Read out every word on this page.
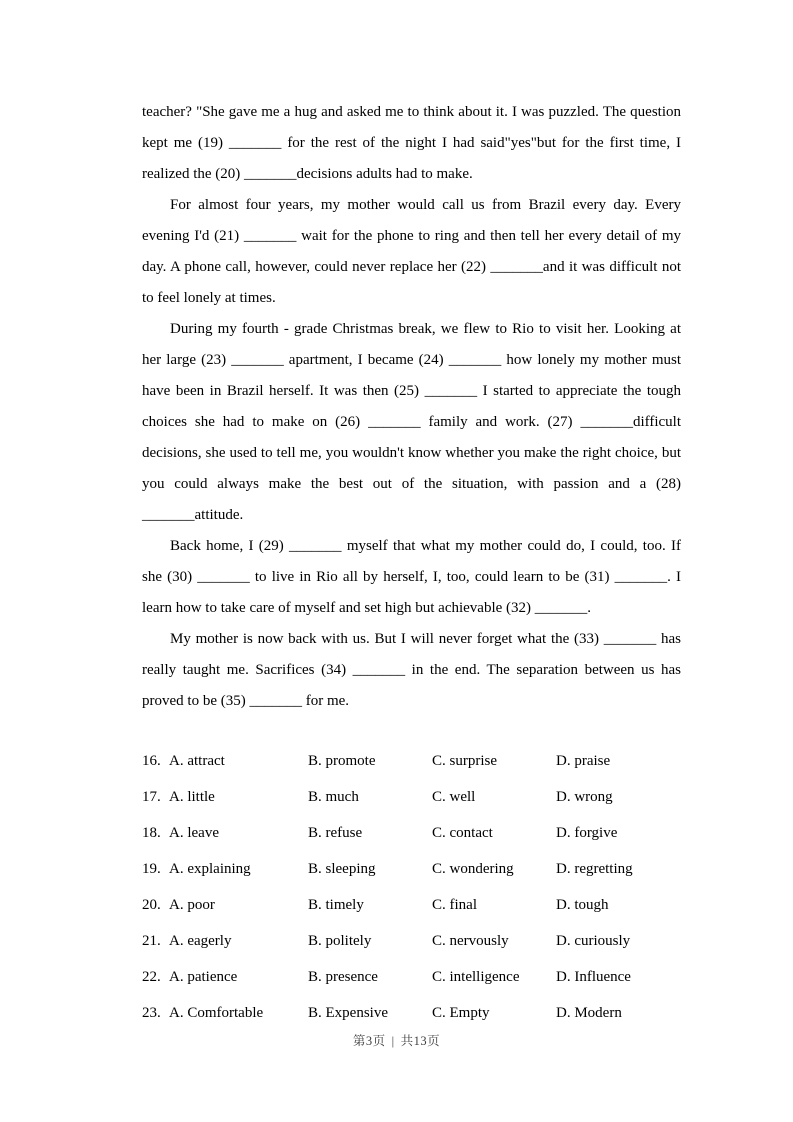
teacher? "She gave me a hug and asked me to think about it. I was puzzled. The question kept me (19) _______ for the rest of the night I had said"yes"but for the first time, I realized the (20) _______decisions adults had to make.
For almost four years, my mother would call us from Brazil every day. Every evening I'd (21) _______ wait for the phone to ring and then tell her every detail of my day. A phone call, however, could never replace her (22) _______and it was difficult not to feel lonely at times.
During my fourth - grade Christmas break, we flew to Rio to visit her. Looking at her large (23) _______ apartment, I became (24) _______ how lonely my mother must have been in Brazil herself. It was then (25) _______ I started to appreciate the tough choices she had to make on (26) _______ family and work. (27) _______difficult decisions, she used to tell me, you wouldn't know whether you make the right choice, but you could always make the best out of the situation, with passion and a (28) _______attitude.
Back home, I (29) _______ myself that what my mother could do, I could, too. If she (30) _______ to live in Rio all by herself, I, too, could learn to be (31) _______. I learn how to take care of myself and set high but achievable (32) _______.
My mother is now back with us. But I will never forget what the (33) _______ has really taught me. Sacrifices (34) _______ in the end. The separation between us has proved to be (35) _______ for me.
16. A. attract	B. promote	C. surprise	D. praise
17. A. little	B. much	C. well	D. wrong
18. A. leave	B. refuse	C. contact	D. forgive
19. A. explaining	B. sleeping	C. wondering	D. regretting
20. A. poor	B. timely	C. final	D. tough
21. A. eagerly	B. politely	C. nervously	D. curiously
22. A. patience	B. presence	C. intelligence	D. Influence
23. A. Comfortable	B. Expensive	C. Empty	D. Modern
第3页 | 共13页
